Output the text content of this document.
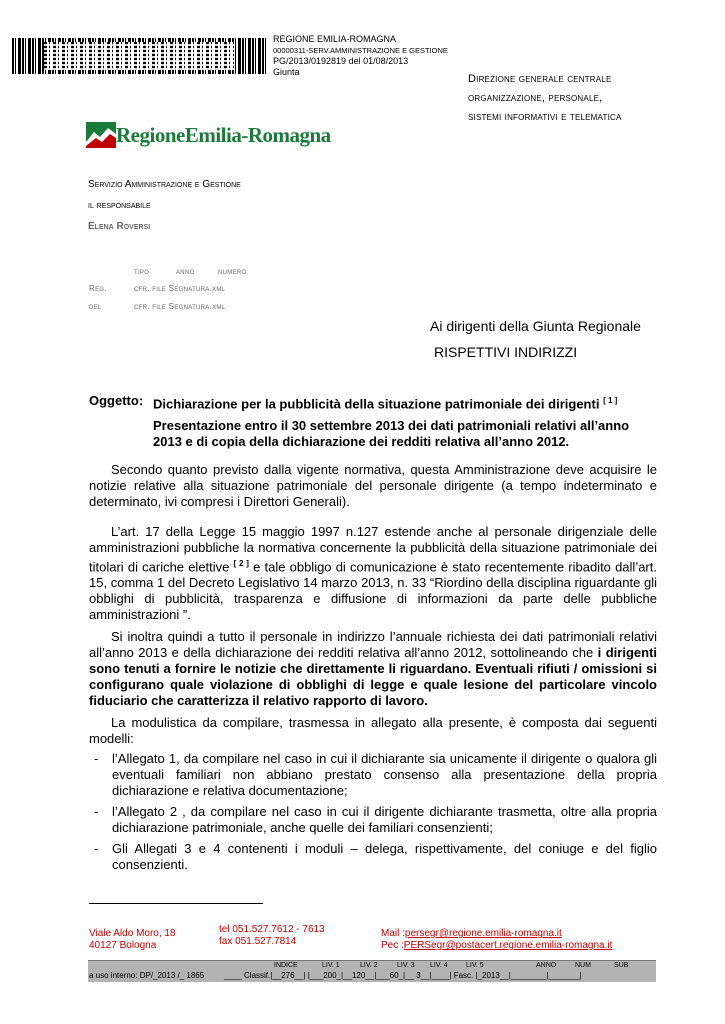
REGIONE EMILIA-ROMAGNA
00000311-SERV.AMMINISTRAZIONE E GESTIONE
PG/2013/0192819 del 01/08/2013
Giunta
Direzione generale centrale
organizzazione, personale,
sistemi informativi e telematica
RegioneEmilia-Romagna
Servizio Amministrazione e Gestione
il responsabile
Elena Roversi
tipo	anno	numero
Reg.	cfr. file Segnatura.xml
del	cfr. file Segnatura.xml
Ai dirigenti della Giunta Regionale
RISPETTIVI INDIRIZZI
Oggetto: Dichiarazione per la pubblicità della situazione patrimoniale dei dirigenti [ 1 ]
Presentazione entro il 30 settembre 2013 dei dati patrimoniali relativi all’anno 2013 e di copia della dichiarazione dei redditi relativa all’anno 2012.

Secondo quanto previsto dalla vigente normativa, questa Amministrazione deve acquisire le notizie relative alla situazione patrimoniale del personale dirigente (a tempo indeterminato e determinato, ivi compresi i Direttori Generali).

L’art. 17 della Legge 15 maggio 1997 n.127 estende anche al personale dirigenziale delle amministrazioni pubbliche la normativa concernente la pubblicità della situazione patrimoniale dei titolari di cariche elettive [ 2 ] e tale obbligo di comunicazione è stato recentemente ribadito dall’art. 15, comma 1 del Decreto Legislativo 14 marzo 2013, n. 33 “Riordino della disciplina riguardante gli obblighi di pubblicità, trasparenza e diffusione di informazioni da parte delle pubbliche amministrazioni ”.

Si inoltra quindi a tutto il personale in indirizzo l’annuale richiesta dei dati patrimoniali relativi all’anno 2013 e della dichiarazione dei redditi relativa all’anno 2012, sottolineando che i dirigenti sono tenuti a fornire le notizie che direttamente li riguardano. Eventuali rifiuti / omissioni si configurano quale violazione di obblighi di legge e quale lesione del particolare vincolo fiduciario che caratterizza il relativo rapporto di lavoro.

La modulistica da compilare, trasmessa in allegato alla presente, è composta dai seguenti modelli:

- l’Allegato 1, da compilare nel caso in cui il dichiarante sia unicamente il dirigente o qualora gli eventuali familiari non abbiano prestato consenso alla presentazione della propria dichiarazione e relativa documentazione;
- l’Allegato 2 , da compilare nel caso in cui il dirigente dichiarante trasmetta, oltre alla propria dichiarazione patrimoniale, anche quelle dei familiari consenzienti;
- Gli Allegati 3 e 4 contenenti i moduli – delega, rispettivamente, del coniuge e del figlio consenzienti.
Viale Aldo Moro, 18
40127 Bologna
tel 051.527.7612 - 7613
fax 051.527.7814
Mail :persegr@regione.emilia-romagna.it
Pec :PERSegr@postacert.regione.emilia-romagna.it
INDICE	LIV. 1	LIV. 2	LIV. 3 LIV. 4	LIV. 5	ANNO	NUM	SUB
a uso interno: DP/_2013 /_ 1865 ____ Classif.|__276__| |___200_|__120__|___60_|__ 3__|____| Fasc. |_2013__|________|_______|
